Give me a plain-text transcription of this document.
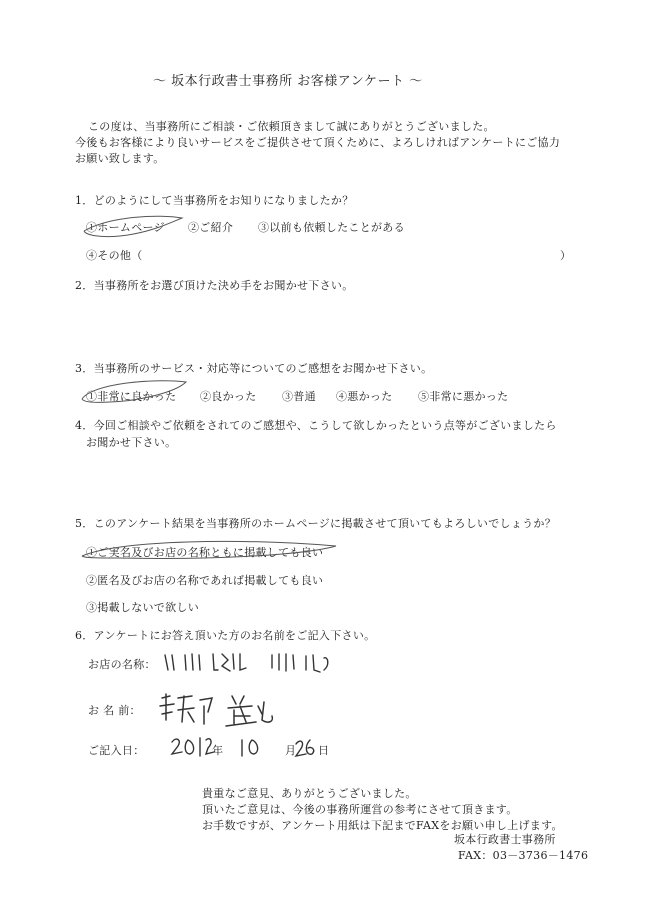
〜 坂本行政書士事務所 お客様アンケート 〜
この度は、当事務所にご相談・ご依頼頂きまして誠にありがとうございました。
今後もお客様により良いサービスをご提供させて頂くために、よろしければアンケートにご協力
お願い致します。
1．どのようにして当事務所をお知りになりましたか？
①ホームページ ②ご紹介 ③以前も依頼したことがある
④その他（	）
2．当事務所をお選び頂けた決め手をお聞かせ下さい。
3．当事務所のサービス・対応等についてのご感想をお聞かせ下さい。
①非常に良かった ②良かった ③普通 ④悪かった ⑤非常に悪かった
4．今回ご相談やご依頼をされてのご感想や、こうして欲しかったという点等がございましたら
お聞かせ下さい。
5．このアンケート結果を当事務所のホームページに掲載させて頂いてもよろしいでしょうか？
①ご実名及びお店の名称ともに掲載しても良い
②匿名及びお店の名称であれば掲載しても良い
③掲載しないで欲しい
6．アンケートにお答え頂いた方のお名前をご記入下さい。
お店の名称：
お 名 前：
ご記入日：	年	月 日
貴重なご意見、ありがとうございました。
頂いたご意見は、今後の事務所運営の参考にさせて頂きます。
お手数ですが、アンケート用紙は下記までFAXをお願い申し上げます。
坂本行政書士事務所
FAX：03－3736－1476
